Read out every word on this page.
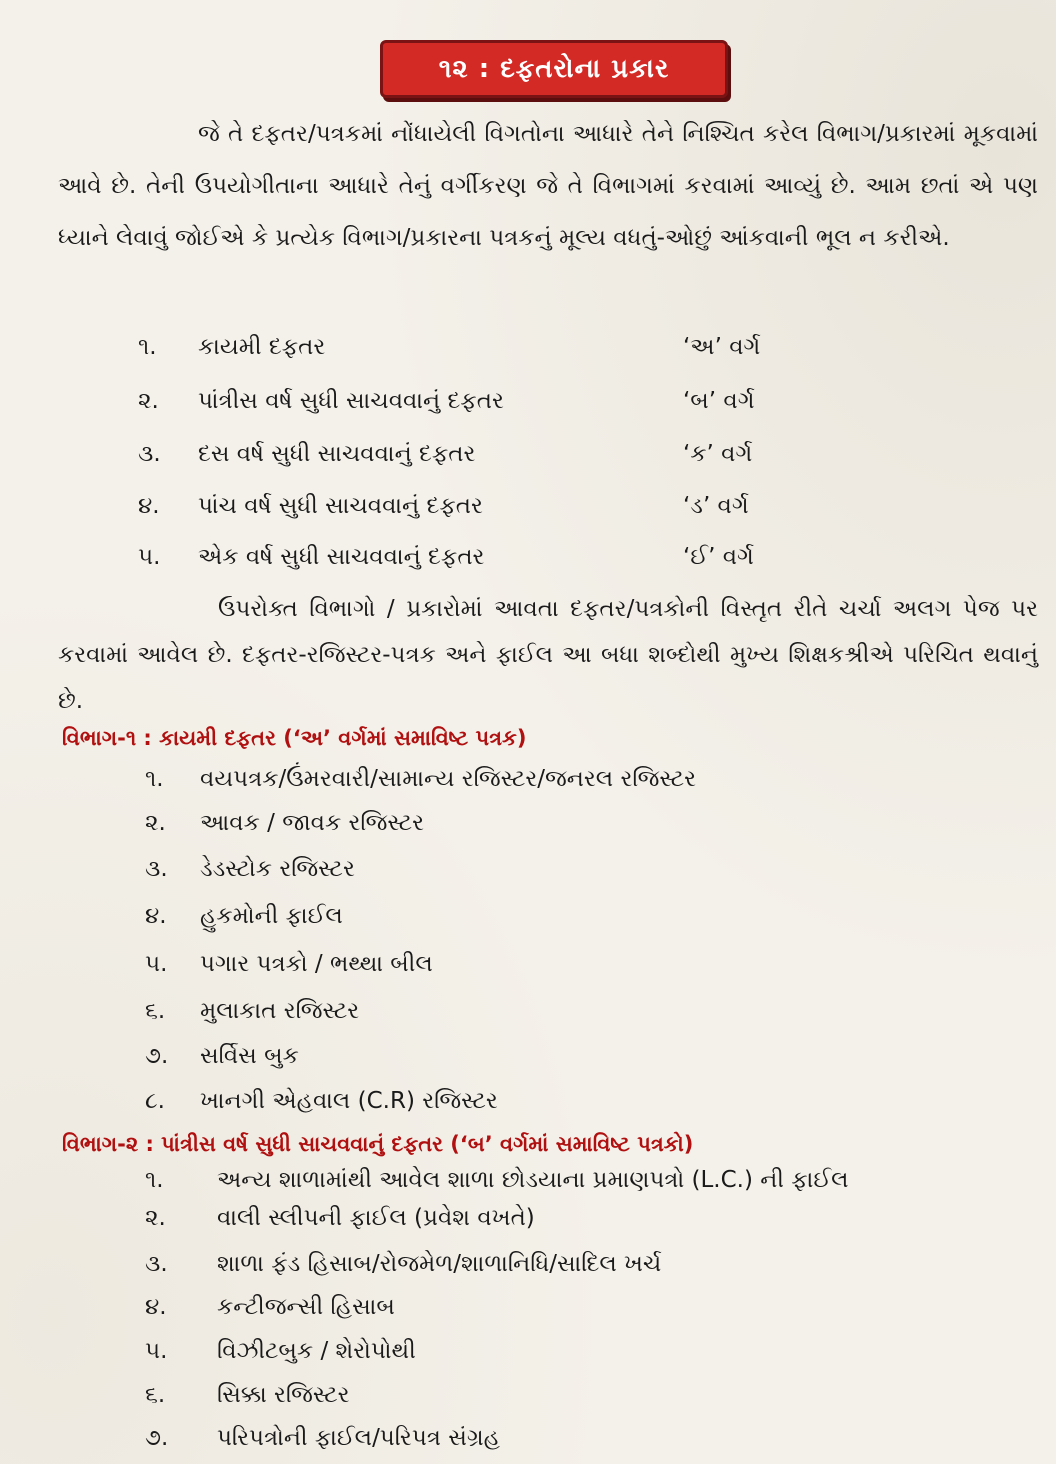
૧૨ : દફતરોના પ્રકાર
જે તે દફતર/પત્રકમાં નોંધાયેલી વિગતોના આધારે તેને નિશ્ચિત કરેલ વિભાગ/પ્રકારમાં મૂકવામાં આવે છે. તેની ઉપયોગીતાના આધારે તેનું વર્ગીકરણ જે તે વિભાગમાં કરવામાં આવ્યું છે. આમ છતાં એ પણ ધ્યાને લેવાવું જોઈએ કે પ્રત્યેક વિભાગ/પ્રકારના પત્રકનું મૂલ્ય વધતું-ઓછું આંકવાની ભૂલ ન કરીએ.
૧.	કાયમી દફતર	‘અ’ વર્ગ
૨.	પાંત્રીસ વર્ષ સુધી સાચવવાનું દફતર	‘બ’ વર્ગ
૩.	દસ વર્ષ સુધી સાચવવાનું દફતર	‘ક’ વર્ગ
૪.	પાંચ વર્ષ સુધી સાચવવાનું દફતર	‘ડ’ વર્ગ
૫.	એક વર્ષ સુધી સાચવવાનું દફતર	‘ઈ’ વર્ગ
ઉપરોક્ત વિભાગો / પ્રકારોમાં આવતા દફતર/પત્રકોની વિસ્તૃત રીતે ચર્ચા અલગ પેજ પર કરવામાં આવેલ છે. દફતર-રજિસ્ટર-પત્રક અને ફાઈલ આ બધા શબ્દોથી મુખ્ય શિક્ષકશ્રીએ પરિચિત થવાનું છે.
વિભાગ-૧ : કાયમી દફતર (‘અ’ વર્ગમાં સમાવિષ્ટ પત્રક)
૧.	વયપત્રક/ઉંમરવારી/સામાન્ય રજિસ્ટર/જનરલ રજિસ્ટર
૨.	આવક / જાવક રજિસ્ટર
૩.	ડેડસ્ટોક રજિસ્ટર
૪.	હુકમોની ફાઈલ
૫.	પગાર પત્રકો / ભથ્થા બીલ
૬.	મુલાકાત રજિસ્ટર
૭.	સર્વિસ બુક
૮.	ખાનગી એહવાલ (C.R) રજિસ્ટર
વિભાગ-૨ : પાંત્રીસ વર્ષ સુધી સાચવવાનું દફતર (‘બ’ વર્ગમાં સમાવિષ્ટ પત્રકો)
૧.	અન્ય શાળામાંથી આવેલ શાળા છોડયાના પ્રમાણપત્રો (L.C.) ની ફાઈલ
૨.	વાલી સ્લીપની ફાઈલ (પ્રવેશ વખતે)
૩.	શાળા ફંડ હિસાબ/રોજમેળ/શાળાનિધિ/સાદિલ ખર્ચ
૪.	કન્ટીજન્સી હિસાબ
૫.	વિઝીટબુક / શેરોપોથી
૬.	સિક્કા રજિસ્ટર
૭.	પરિપત્રોની ફાઈલ/પરિપત્ર સંગ્રહ
